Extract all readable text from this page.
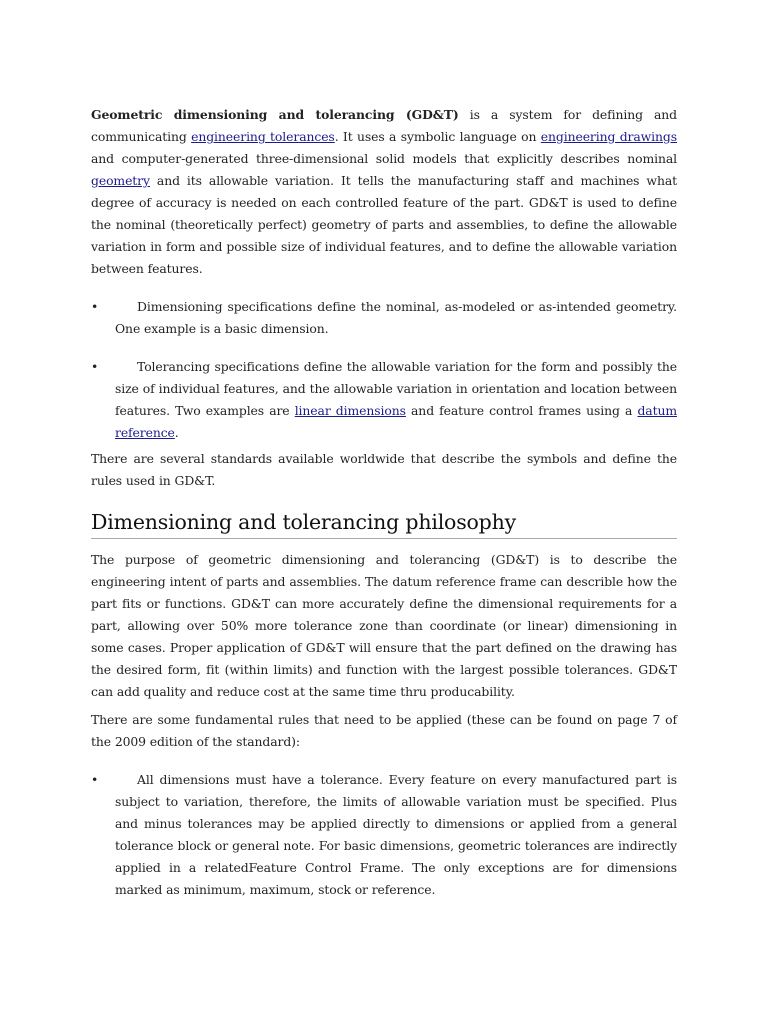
Geometric dimensioning and tolerancing (GD&T) is a system for defining and communicating engineering tolerances. It uses a symbolic language on engineering drawings and computer-generated three-dimensional solid models that explicitly describes nominal geometry and its allowable variation. It tells the manufacturing staff and machines what degree of accuracy is needed on each controlled feature of the part. GD&T is used to define the nominal (theoretically perfect) geometry of parts and assemblies, to define the allowable variation in form and possible size of individual features, and to define the allowable variation between features.

•	Dimensioning specifications define the nominal, as-modeled or as-intended geometry. One example is a basic dimension.

•	Tolerancing specifications define the allowable variation for the form and possibly the size of individual features, and the allowable variation in orientation and location between features. Two examples are linear dimensions and feature control frames using a datum reference.

There are several standards available worldwide that describe the symbols and define the rules used in GD&T.

Dimensioning and tolerancing philosophy

The purpose of geometric dimensioning and tolerancing (GD&T) is to describe the engineering intent of parts and assemblies. The datum reference frame can describle how the part fits or functions. GD&T can more accurately define the dimensional requirements for a part, allowing over 50% more tolerance zone than coordinate (or linear) dimensioning in some cases. Proper application of GD&T will ensure that the part defined on the drawing has the desired form, fit (within limits) and function with the largest possible tolerances. GD&T can add quality and reduce cost at the same time thru producability.

There are some fundamental rules that need to be applied (these can be found on page 7 of the 2009 edition of the standard):

•	All dimensions must have a tolerance. Every feature on every manufactured part is subject to variation, therefore, the limits of allowable variation must be specified. Plus and minus tolerances may be applied directly to dimensions or applied from a general tolerance block or general note. For basic dimensions, geometric tolerances are indirectly applied in a relatedFeature Control Frame. The only exceptions are for dimensions marked as minimum, maximum, stock or reference.
